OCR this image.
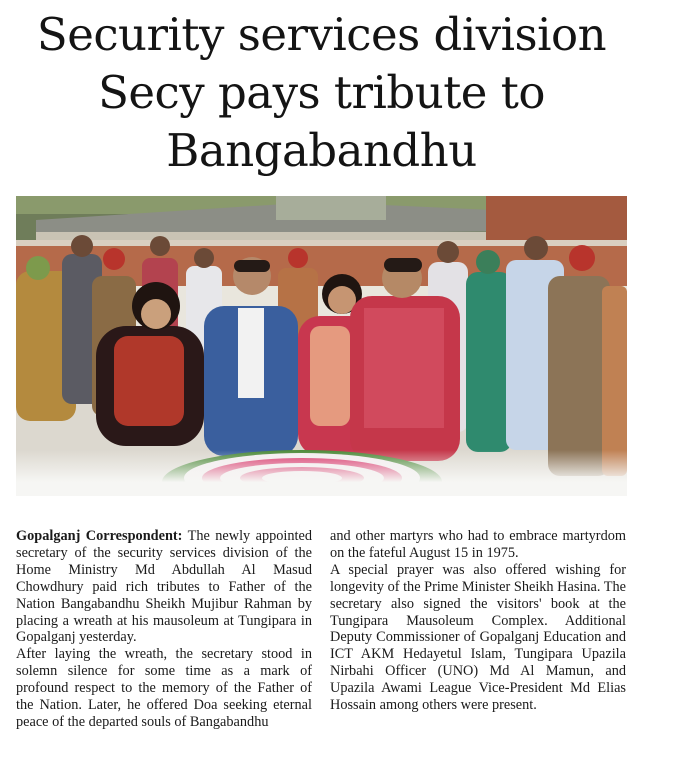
Security services division
Secy pays tribute to
Bangabandhu

Gopalganj Correspondent: The newly appointed secretary of the security services division of the Home Ministry Md Abdullah Al Masud Chowdhury paid rich tributes to Father of the Nation Bangabandhu Sheikh Mujibur Rahman by placing a wreath at his mausoleum at Tungipara in Gopalganj yesterday.

After laying the wreath, the secretary stood in solemn silence for some time as a mark of profound respect to the memory of the Father of the Nation. Later, he offered Doa seeking eternal peace of the departed souls of Bangabandhu

and other martyrs who had to embrace martyrdom on the fateful August 15 in 1975.

A special prayer was also offered wishing for longevity of the Prime Minister Sheikh Hasina. The secretary also signed the visitors' book at the Tungipara Mausoleum Complex. Additional Deputy Commissioner of Gopalganj Education and ICT AKM Hedayetul Islam, Tungipara Upazila Nirbahi Officer (UNO) Md Al Mamun, and Upazila Awami League Vice-President Md Elias Hossain among others were present.
